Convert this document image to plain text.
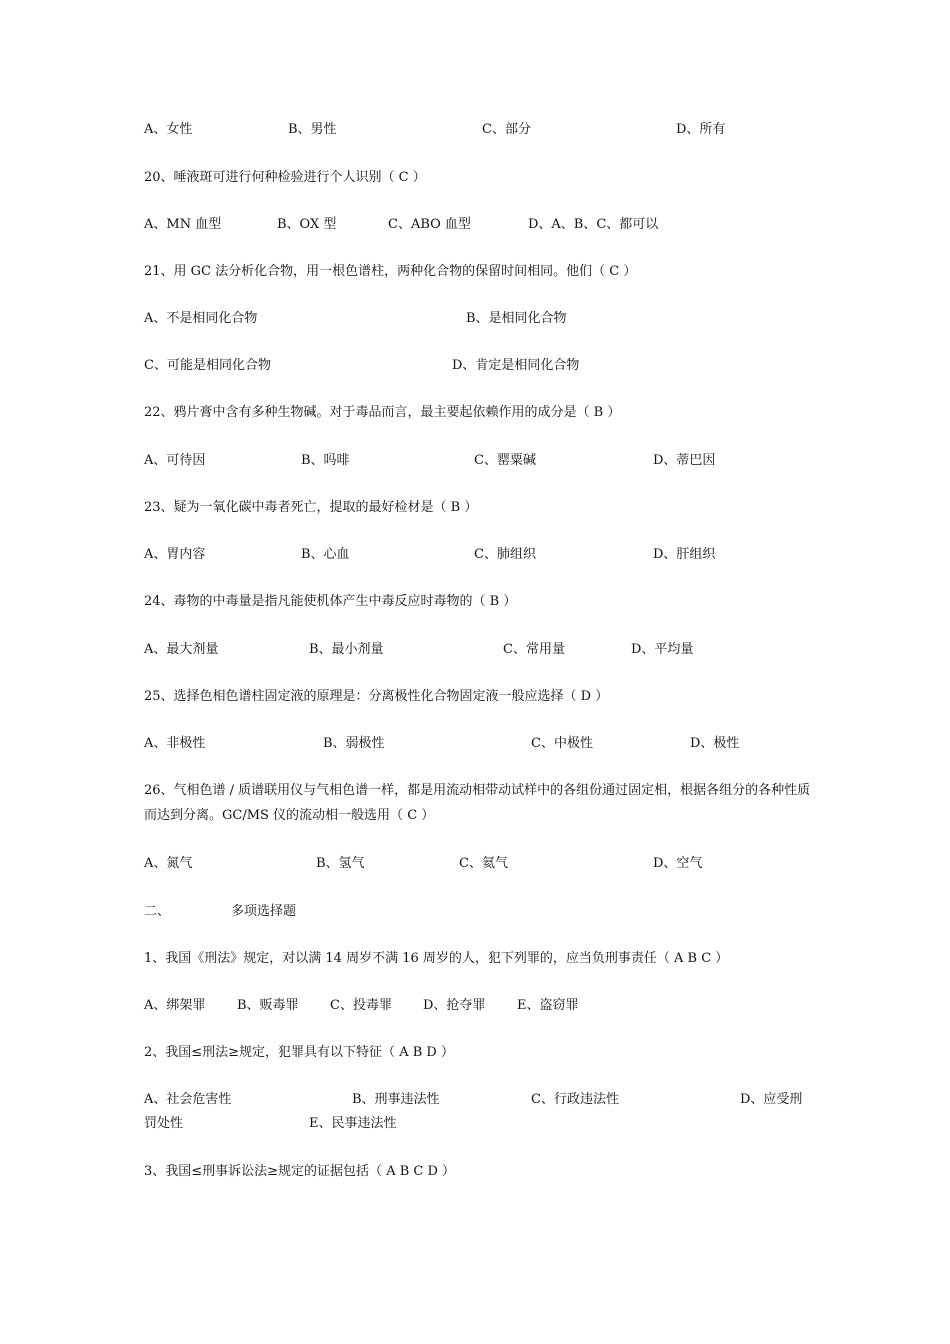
A、女性	B、男性	C、部分	D、所有
20、唾液斑可进行何种检验进行个人识别（ C ）
A、MN 血型	B、OX 型	C、ABO 血型	D、A、B、C、都可以
21、用 GC 法分析化合物，用一根色谱柱，两种化合物的保留时间相同。他们（ C ）
A、不是相同化合物	B、是相同化合物
C、可能是相同化合物	D、肯定是相同化合物
22、鸦片膏中含有多种生物碱。对于毒品而言，最主要起依赖作用的成分是（ B ）
A、可待因	B、吗啡	C、罂粟碱	D、蒂巴因
23、疑为一氧化碳中毒者死亡，提取的最好检材是（ B ）
A、胃内容	B、心血	C、肺组织	D、肝组织
24、毒物的中毒量是指凡能使机体产生中毒反应时毒物的（ B ）
A、最大剂量	B、最小剂量	C、常用量	D、平均量
25、选择色相色谱柱固定液的原理是：分离极性化合物固定液一般应选择（ D ）
A、非极性	B、弱极性	C、中极性	D、极性
26、气相色谱 / 质谱联用仪与气相色谱一样，都是用流动相带动试样中的各组份通过固定相，根据各组分的各种性质而达到分离。GC/MS 仪的流动相一般选用（ C ）
A、氮气	B、氢气	C、氦气	D、空气
二、	多项选择题
1、我国《刑法》规定，对以满 14 周岁不满 16 周岁的人，犯下列罪的，应当负刑事责任（ A B C ）
A、绑架罪 B、贩毒罪 C、投毒罪 D、抢夺罪 E、盗窃罪
2、我国≤刑法≥规定，犯罪具有以下特征（ A B D ）
A、社会危害性	B、刑事违法性	C、行政违法性	D、应受刑
罚处性	E、民事违法性
3、我国≤刑事诉讼法≥规定的证据包括（ A B C D ）
